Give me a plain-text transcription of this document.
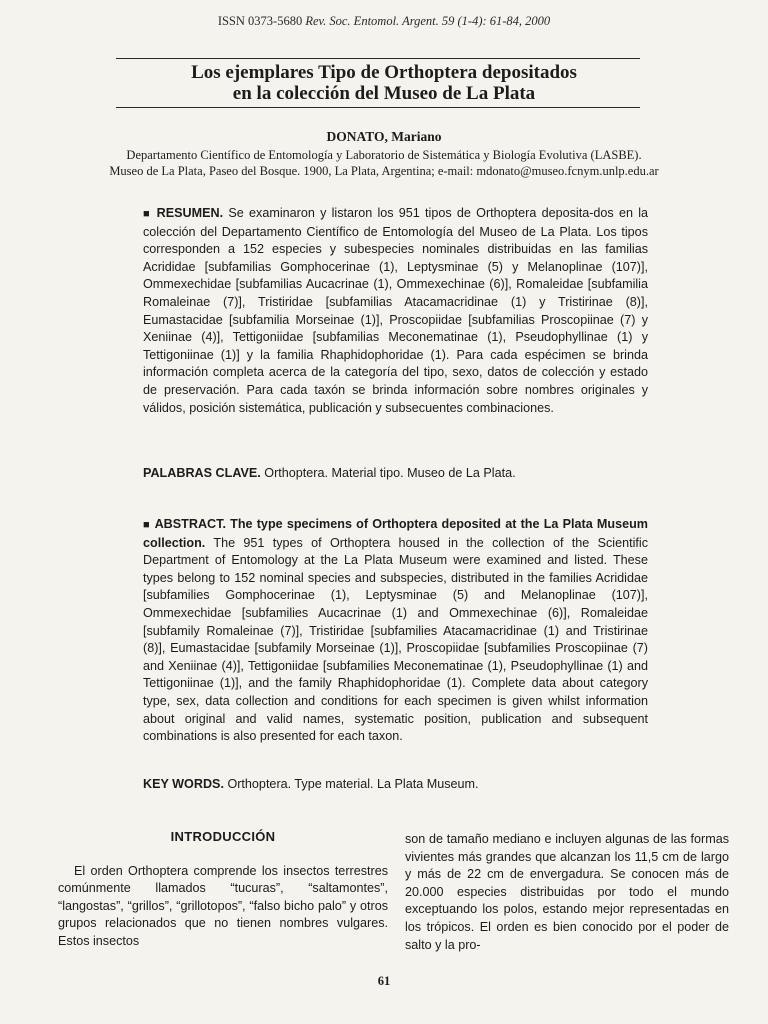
ISSN 0373-5680 Rev. Soc. Entomol. Argent. 59 (1-4): 61-84, 2000
Los ejemplares Tipo de Orthoptera depositados
en la colección del Museo de La Plata
DONATO, Mariano
Departamento Científico de Entomología y Laboratorio de Sistemática y Biología Evolutiva (LASBE).
Museo de La Plata, Paseo del Bosque. 1900, La Plata, Argentina; e-mail: mdonato@museo.fcnym.unlp.edu.ar
■ RESUMEN. Se examinaron y listaron los 951 tipos de Orthoptera deposita-dos en la colección del Departamento Científico de Entomología del Museo de La Plata. Los tipos corresponden a 152 especies y subespecies nominales distribuidas en las familias Acrididae [subfamilias Gomphocerinae (1), Leptysminae (5) y Melanoplinae (107)], Ommexechidae [subfamilias Aucacrinae (1), Ommexechinae (6)], Romaleidae [subfamilia Romaleinae (7)], Tristiridae [subfamilias Atacamacridinae (1) y Tristirinae (8)], Eumastacidae [subfamilia Morseinae (1)], Proscopiidae [subfamilias Proscopiinae (7) y Xeniinae (4)], Tettigoniidae [subfamilias Meconematinae (1), Pseudophyllinae (1) y Tettigoniinae (1)] y la familia Rhaphidophoridae (1). Para cada espécimen se brinda información completa acerca de la categoría del tipo, sexo, datos de colección y estado de preservación. Para cada taxón se brinda información sobre nombres originales y válidos, posición sistemática, publicación y subsecuentes combinaciones.
PALABRAS CLAVE. Orthoptera. Material tipo. Museo de La Plata.
■ ABSTRACT. The type specimens of Orthoptera deposited at the La Plata Museum collection. The 951 types of Orthoptera housed in the collection of the Scientific Department of Entomology at the La Plata Museum were examined and listed. These types belong to 152 nominal species and subspecies, distributed in the families Acrididae [subfamilies Gomphocerinae (1), Leptysminae (5) and Melanoplinae (107)], Ommexechidae [subfamilies Aucacrinae (1) and Ommexechinae (6)], Romaleidae [subfamily Romaleinae (7)], Tristiridae [subfamilies Atacamacridinae (1) and Tristirinae (8)], Eumastacidae [subfamily Morseinae (1)], Proscopiidae [subfamilies Proscopiinae (7) and Xeniinae (4)], Tettigoniidae [subfamilies Meconematinae (1), Pseudophyllinae (1) and Tettigoniinae (1)], and the family Rhaphidophoridae (1). Complete data about category type, sex, data collection and conditions for each specimen is given whilst information about original and valid names, systematic position, publication and subsequent combinations is also presented for each taxon.
KEY WORDS. Orthoptera. Type material. La Plata Museum.
INTRODUCCIÓN

El orden Orthoptera comprende los insectos terrestres comúnmente llamados “tucuras”, “saltamontes”, “langostas”, “grillos”, “grillotopos”, “falso bicho palo” y otros grupos relacionados que no tienen nombres vulgares. Estos insectos

son de tamaño mediano e incluyen algunas de las formas vivientes más grandes que alcanzan los 11,5 cm de largo y más de 22 cm de envergadura. Se conocen más de 20.000 especies distribuidas por todo el mundo exceptuando los polos, estando mejor representadas en los trópicos. El orden es bien conocido por el poder de salto y la pro-

61
